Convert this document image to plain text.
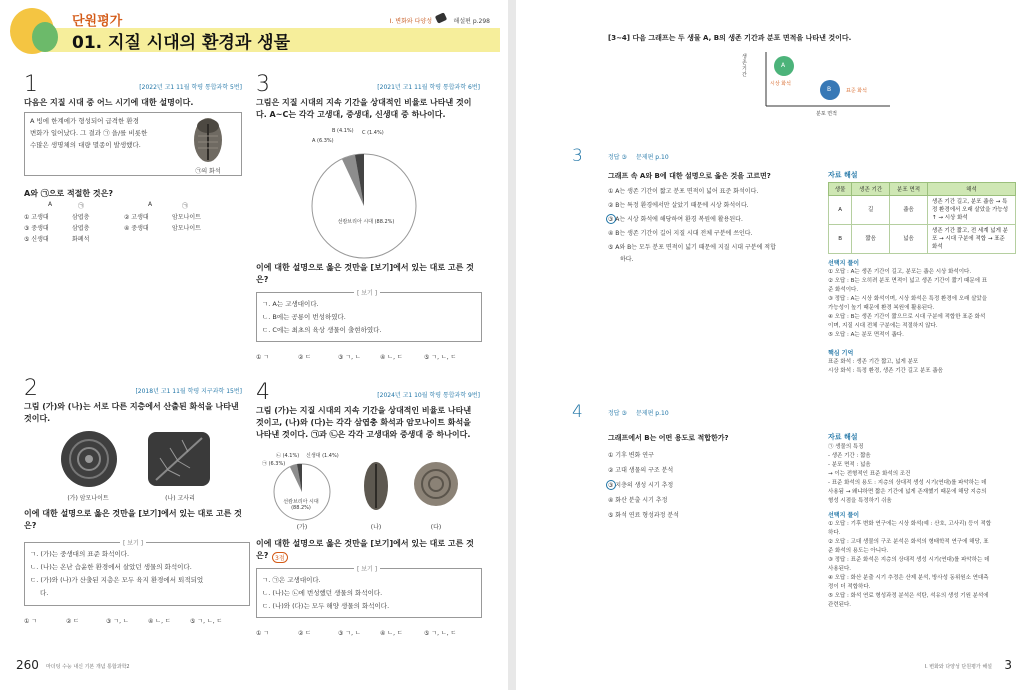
단원평가
01. 지질 시대의 환경과 생물
Ⅰ. 변화와 다양성	해설편 p.298
1	[2022년 고1 11월 학평 통합과학 5번]
다음은 지질 시대 중 어느 시기에 대한 설명이다.
A 빙에 한계에가 형성되어 급격한 환경
변화가 일어났다. 그 결과 ㉠ 을/를 비롯한
수많은 생명체의 대량 멸종이 발생했다.
㉠의 화석
A와 ㉠으로 적절한 것은?
A	㉠	A	㉠
① 고생대	삼엽충	② 고생대	암모나이트
③ 중생대	삼엽충	④ 중생대	암모나이트
⑤ 신생대	화폐석
3	[2021년 고1 11월 학평 통합과학 6번]
그림은 지질 시대의 지속 기간을 상대적인 비율로 나타낸 것이
다. A~C는 각각 고생대, 중생대, 신생대 중 하나이다.
A (6.3%)
B (4.1%) C (1.4%)
선캄브리아 시대 (88.2%)
이에 대한 설명으로 옳은 것만을 [보기]에서 있는 대로 고른 것
은?
[ 보기 ]
ㄱ. A는 고생대이다.
ㄴ. B에는 공룡이 번성하였다.
ㄷ. C에는 최초의 육상 생물이 출현하였다.
① ㄱ	② ㄷ	③ ㄱ, ㄴ	④ ㄴ, ㄷ	⑤ ㄱ, ㄴ, ㄷ
2	[2018년 고1 11월 학평 지구과학 15번]
그림 (가)와 (나)는 서로 다른 지층에서 산출된 화석을 나타낸
것이다.
(가) 암모나이트	(나) 고사리
이에 대한 설명으로 옳은 것만을 [보기]에서 있는 대로 고른 것
은?
[ 보기 ]
ㄱ. (가)는 중생대의 표준 화석이다.
ㄴ. (나)는 온난 습윤한 환경에서 살았던 생물의 화석이다.
ㄷ. (가)와 (나)가 산출된 지층은 모두 육지 환경에서 퇴적되었
다.
① ㄱ	② ㄷ	③ ㄱ, ㄴ	④ ㄴ, ㄷ	⑤ ㄱ, ㄴ, ㄷ
4	[2024년 고1 10월 학평 통합과학 9번]
그림 (가)는 지질 시대의 지속 기간을 상대적인 비율로 나타낸
것이고, (나)와 (다)는 각각 삼엽충 화석과 암모나이트 화석을
나타낸 것이다. ㉠과 ㉡은 각각 고생대와 중생대 중 하나이다.
㉠ (6.3%)
㉡ (4.1%) 신생대 (1.4%)
선캄브리아 시대 (88.2%)
(가)	(나)	(다)
이에 대한 설명으로 옳은 것만을 [보기]에서 있는 대로 고른 것
은?	3점
[ 보기 ]
ㄱ. ㉠은 고생대이다.
ㄴ. (나)는 ㉡에 번성했던 생물의 화석이다.
ㄷ. (나)와 (다)는 모두 해양 생물의 화석이다.
① ㄱ	② ㄷ	③ ㄱ, ㄴ	④ ㄴ, ㄷ	⑤ ㄱ, ㄴ, ㄷ
260 마더텅 수능 내신 기본 개념 통합과학2
[3~4] 다음 그래프는 두 생물 A, B의 생존 기간과 분포 면적을 나타낸 것이다.
생존 기간
분포 면적
A
B
시상 화석
표준 화석
3	정답 ③ 문제편 p.10
그래프 속 A와 B에 대한 설명으로 옳은 것을 고르면?
① A는 생존 기간이 짧고 분포 면적이 넓어 표준 화석이다.
② B는 특정 환경에서만 살았기 때문에 시상 화석이다.
③ A는 시상 화석에 해당하여 환경 복원에 활용된다.
④ B는 생존 기간이 길어 지질 시대 전체 구분에 쓰인다.
⑤ A와 B는 모두 분포 면적이 넓기 때문에 지질 시대 구분에 적합
하다.
자료 해설
생물	생존 기간	분포 면적	해석
A	길	좁음	생존 기간 길고, 분포 좁음 → 특정 환경에서 오래 살았을 가능성 ↑ → 시상 화석
B	짧음	넓음	생존 기간 짧고, 전 세계 넓게 분포 → 시대 구분에 적합 → 표준 화석
선택지 풀이
① 오답 : A는 생존 기간이 길고, 분포는 좁은 시상 화석이다.
② 오답 : B는 오히려 분포 면적이 넓고 생존 기간이 짧기 때문에 표
준 화석이다.
③ 정답 : A는 시상 화석이며, 시상 화석은 특정 환경에 오래 살았을
가능성이 높기 때문에 환경 복원에 활용된다.
④ 오답 : B는 생존 기간이 짧으므로 시대 구분에 적합한 표준 화석
이며, 지질 시대 전체 구분에는 적절하지 않다.
⑤ 오답 : A는 분포 면적이 좁다.
핵심 기억
표준 화석 : 생존 기간 짧고, 넓게 분포
시상 화석 : 특정 환경, 생존 기간 길고 분포 좁음
4	정답 ③ 문제편 p.10
그래프에서 B는 어떤 용도로 적합한가?
① 기후 변화 연구
② 고대 생물의 구조 분석
③ 지층의 생성 시기 추정
④ 화산 분출 시기 추정
⑤ 화석 연료 형성과정 분석
자료 해설
㉠ 생물의 특징
- 생존 기간 : 짧음
- 분포 면적 : 넓음
→ 이는 전형적인 표준 화석의 조건
- 표준 화석의 용도 : 지층의 상대적 생성 시기(연대)를 파악하는 데
사용됨 → 왜냐하면 짧은 기간에 넓게 존재했기 때문에 해당 지층의
형성 시점을 특정하기 쉬움
선택지 풀이
① 오답 : 기후 변화 연구에는 시상 화석(예 : 산호, 고사리) 등이 적합
하다.
② 오답 : 고대 생물의 구조 분석은 화석의 형태학적 연구에 해당, 표
준 화석의 용도는 아니다.
③ 정답 : 표준 화석은 지층의 상대적 생성 시기(연대)를 파악하는 데
사용된다.
④ 오답 : 화산 분출 시기 추정은 산제 분석, 방사성 동위원소 연대측
정이 더 적합하다.
⑤ 오답 : 화석 연료 형성과정 분석은 석탄, 석유의 생성 기원 분석에
관련된다.
Ⅰ. 변화와 다양성 단원평가 해설 3
